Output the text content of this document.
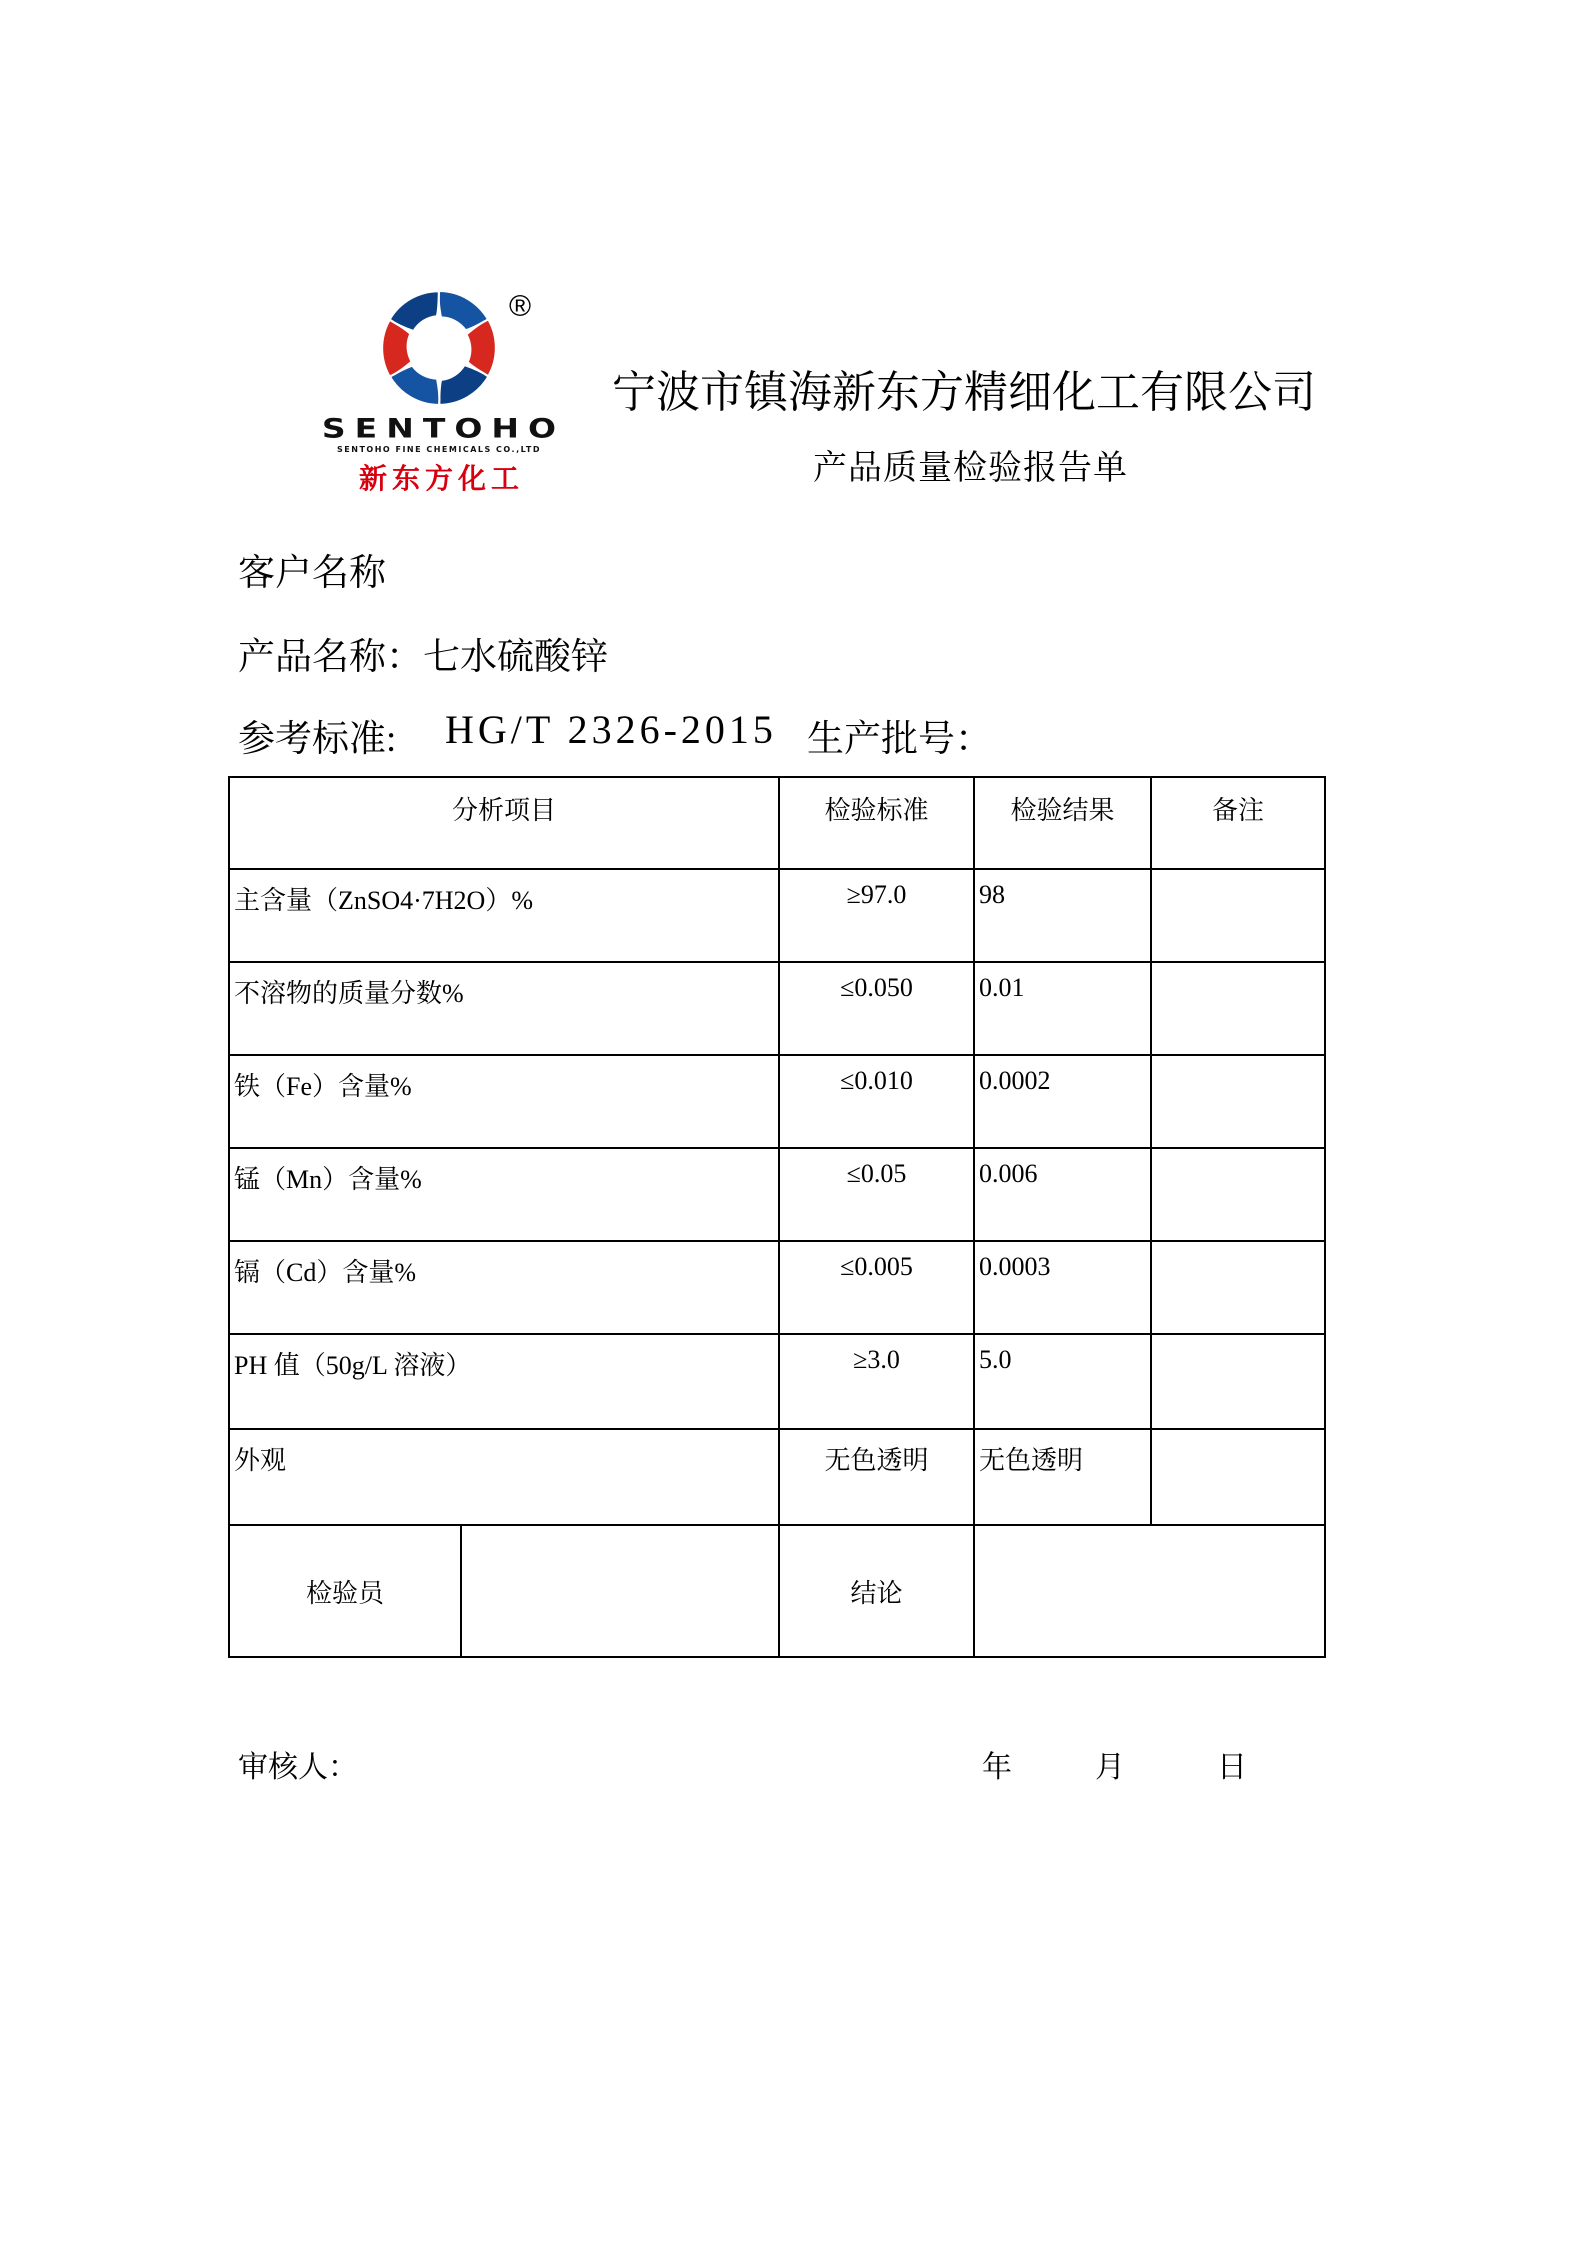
®
SENTOHO
SENTOHO FINE CHEMICALS CO.,LTD
新东方化工
宁波市镇海新东方精细化工有限公司
产品质量检验报告单
客户名称
产品名称：七水硫酸锌
参考标准: HG/T 2326-2015 生产批号：
分析项目		检验标准	检验结果	备注
主含量（ZnSO4·7H2O）%		≥97.0	98	
不溶物的质量分数%		≤0.050	0.01	
铁（Fe）含量%		≤0.010	0.0002	
锰（Mn）含量%		≤0.05	0.006	
镉（Cd）含量%		≤0.005	0.0003	
PH 值（50g/L 溶液）		≥3.0	5.0	
外观		无色透明	无色透明	
检验员		结论		
审核人：	年	月	日
